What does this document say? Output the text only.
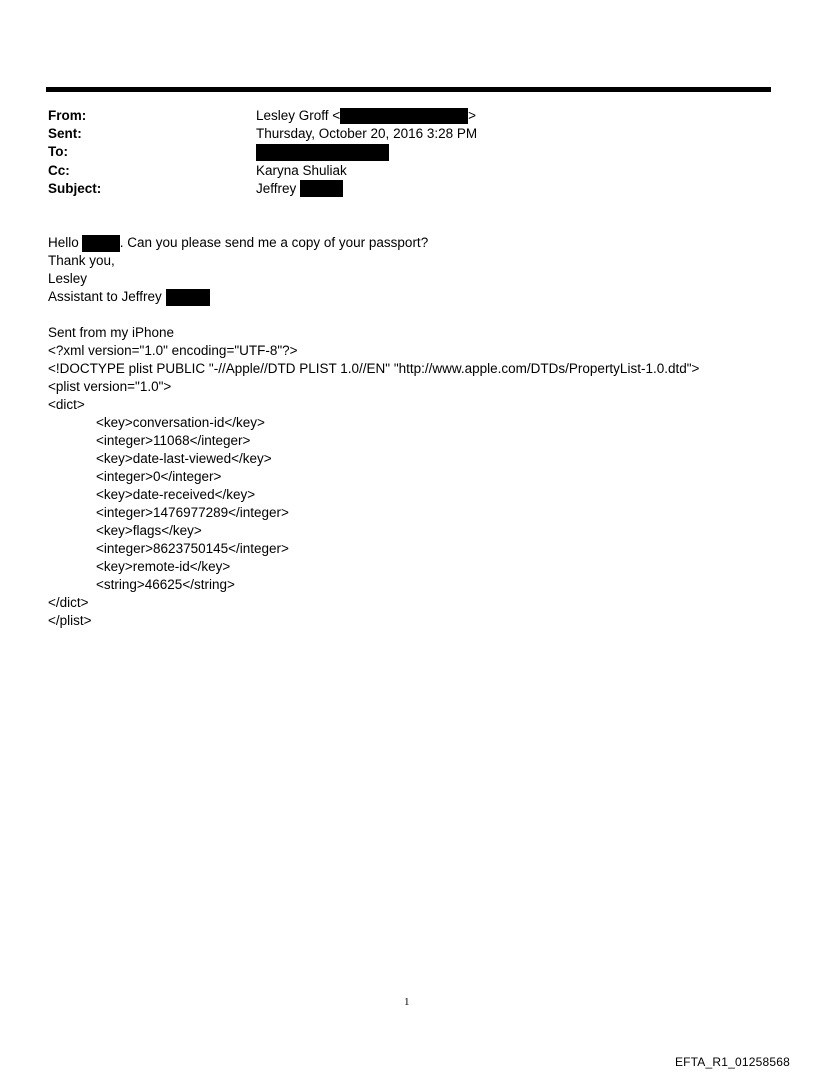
From:	Lesley Groff <	>
Sent:	Thursday, October 20, 2016 3:28 PM
To:
Cc:	Karyna Shuliak
Subject:	Jeffrey
Hello	. Can you please send me a copy of your passport?
Thank you,
Lesley
Assistant to Jeffrey
Sent from my iPhone
<?xml version="1.0" encoding="UTF-8"?>
<!DOCTYPE plist PUBLIC "-//Apple//DTD PLIST 1.0//EN" "http://www.apple.com/DTDs/PropertyList-1.0.dtd">
<plist version="1.0">
<dict>
<key>conversation-id</key>
<integer>11068</integer>
<key>date-last-viewed</key>
<integer>0</integer>
<key>date-received</key>
<integer>1476977289</integer>
<key>flags</key>
<integer>8623750145</integer>
<key>remote-id</key>
<string>46625</string>
</dict>
</plist>
1
EFTA_R1_01258568
